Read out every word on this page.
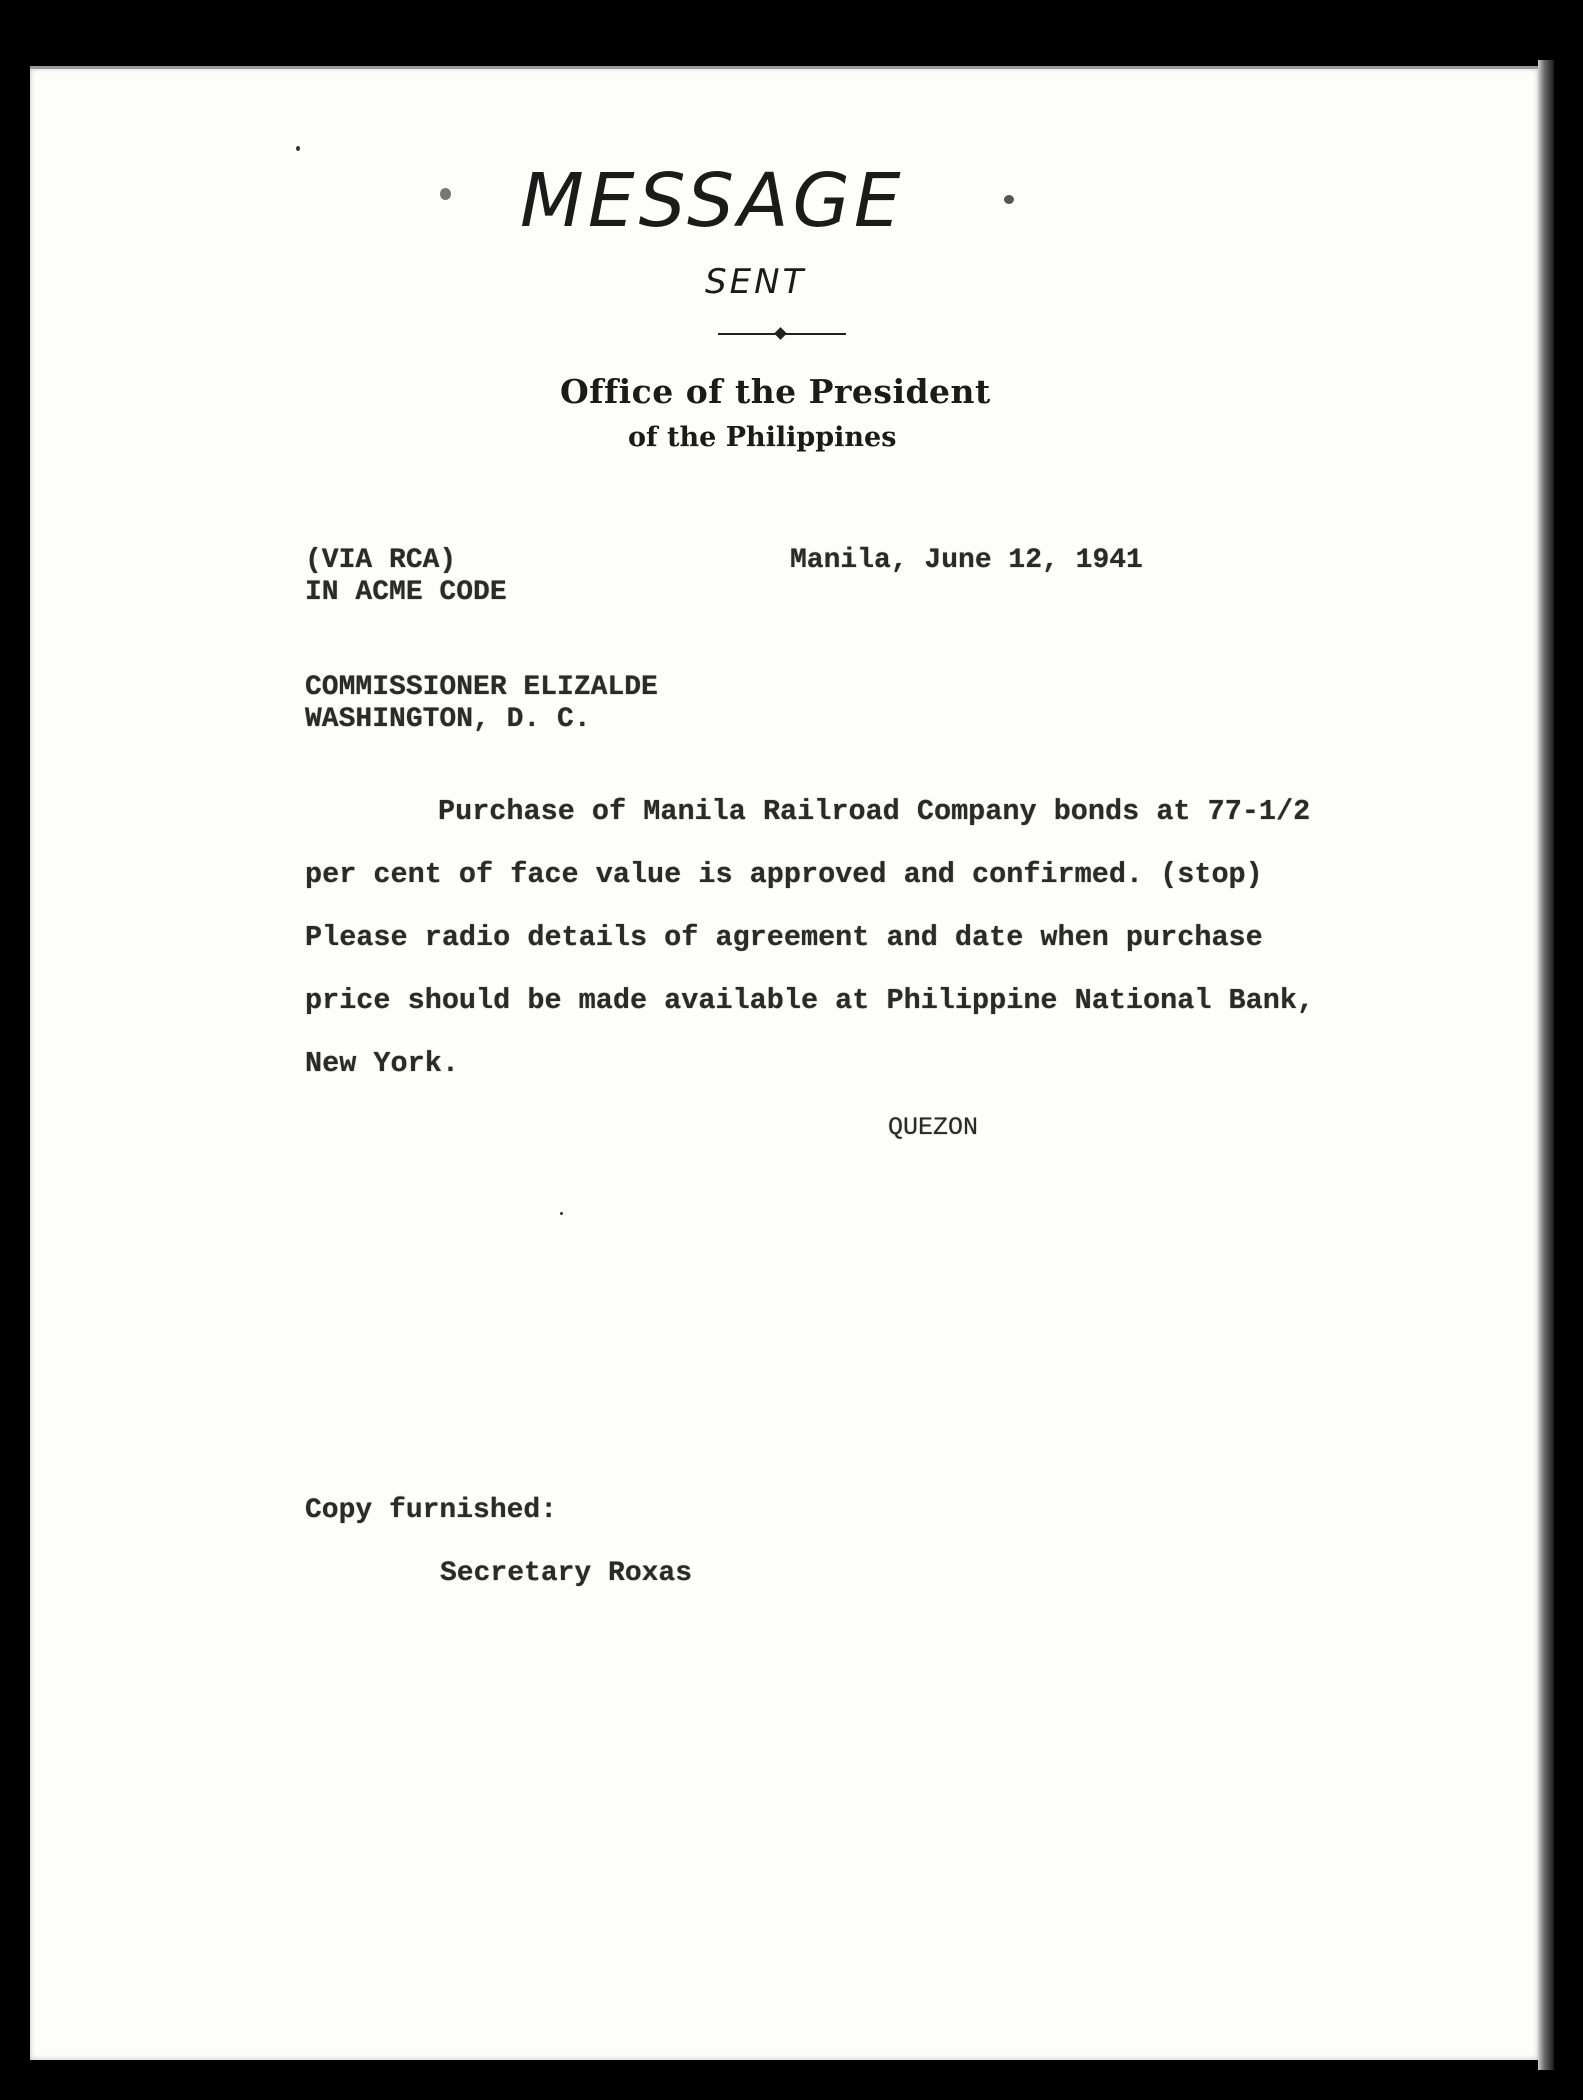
MESSAGE
SENT
Office of the President
of the Philippines
(VIA RCA)
IN ACME CODE
Manila, June 12, 1941
COMMISSIONER ELIZALDE
WASHINGTON, D. C.
Purchase of Manila Railroad Company bonds at 77-1/2
per cent of face value is approved and confirmed. (stop)
Please radio details of agreement and date when purchase
price should be made available at Philippine National Bank,
New York.
QUEZON
Copy furnished:
Secretary Roxas
